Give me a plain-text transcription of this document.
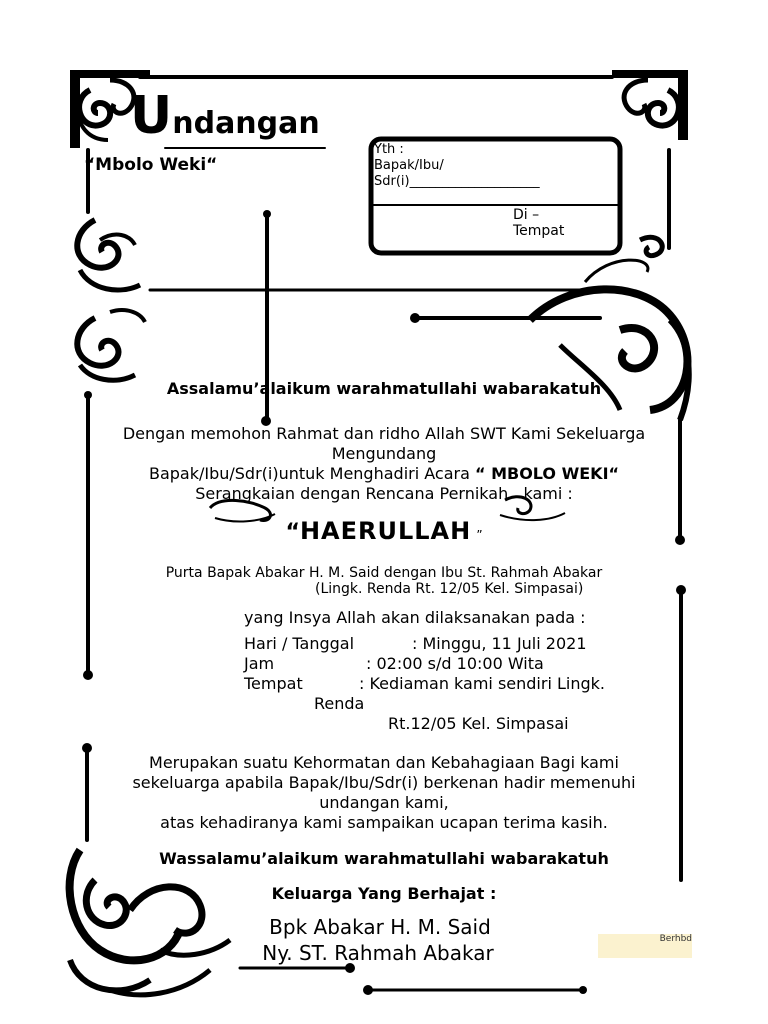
Undangan
“Mbolo Weki“
Yth :
Bapak/Ibu/
Sdr(i)____________________
Di –
Tempat
Assalamu’alaikum warahmatullahi wabarakatuh
Dengan memohon Rahmat dan ridho Allah SWT Kami Sekeluarga
Mengundang
Bapak/Ibu/Sdr(i)untuk Menghadiri Acara “ MBOLO WEKI“
Serangkaian dengan Rencana Pernikah kami :
“HAERULLAH ”
Purta Bapak Abakar H. M. Said dengan Ibu St. Rahmah Abakar
(Lingk. Renda Rt. 12/05 Kel. Simpasai)
yang Insya Allah akan dilaksanakan pada :
Hari / Tanggal	: Minggu, 11 Juli 2021
Jam	: 02:00 s/d 10:00 Wita
Tempat	: Kediaman kami sendiri Lingk.
Renda
Rt.12/05 Kel. Simpasai
Merupakan suatu Kehormatan dan Kebahagiaan Bagi kami
sekeluarga apabila Bapak/Ibu/Sdr(i) berkenan hadir memenuhi
undangan kami,
atas kehadiranya kami sampaikan ucapan terima kasih.
Wassalamu’alaikum warahmatullahi wabarakatuh
Keluarga Yang Berhajat :
Bpk Abakar H. M. Said
Ny. ST. Rahmah Abakar
Berhbd
